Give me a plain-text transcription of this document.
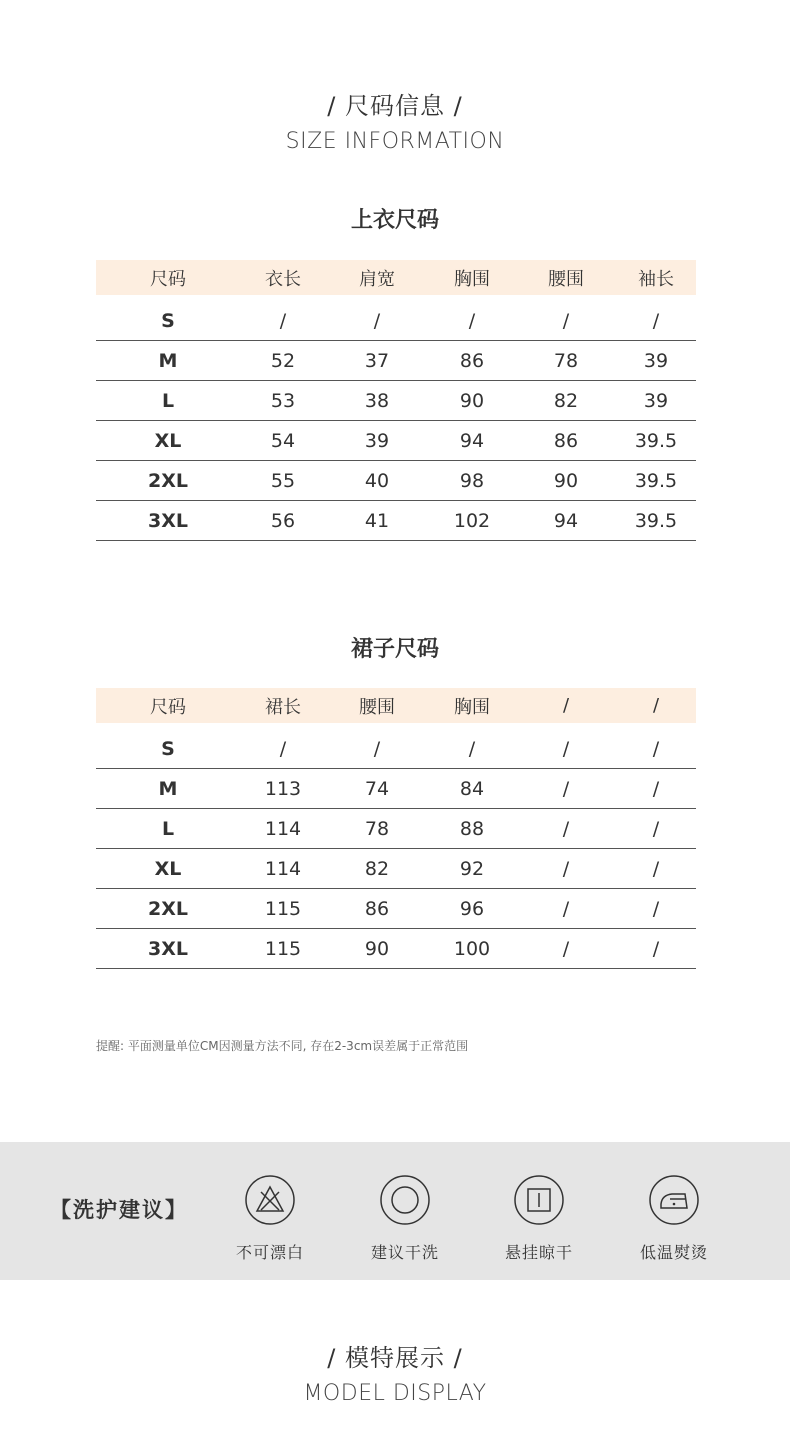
/ 尺码信息 /
SIZE INFORMATION
上衣尺码
尺码	衣长	肩宽	胸围	腰围	袖长
S	/	/	/	/	/
M	52	37	86	78	39
L	53	38	90	82	39
XL	54	39	94	86	39.5
2XL	55	40	98	90	39.5
3XL	56	41	102	94	39.5
裙子尺码
尺码	裙长	腰围	胸围	/	/
S	/	/	/	/	/
M	113	74	84	/	/
L	114	78	88	/	/
XL	114	82	92	/	/
2XL	115	86	96	/	/
3XL	115	90	100	/	/
提醒: 平面测量单位CM因测量方法不同, 存在2-3cm误差属于正常范围
【洗护建议】
不可漂白	建议干洗	悬挂晾干	低温熨烫
/ 模特展示 /
MODEL DISPLAY
